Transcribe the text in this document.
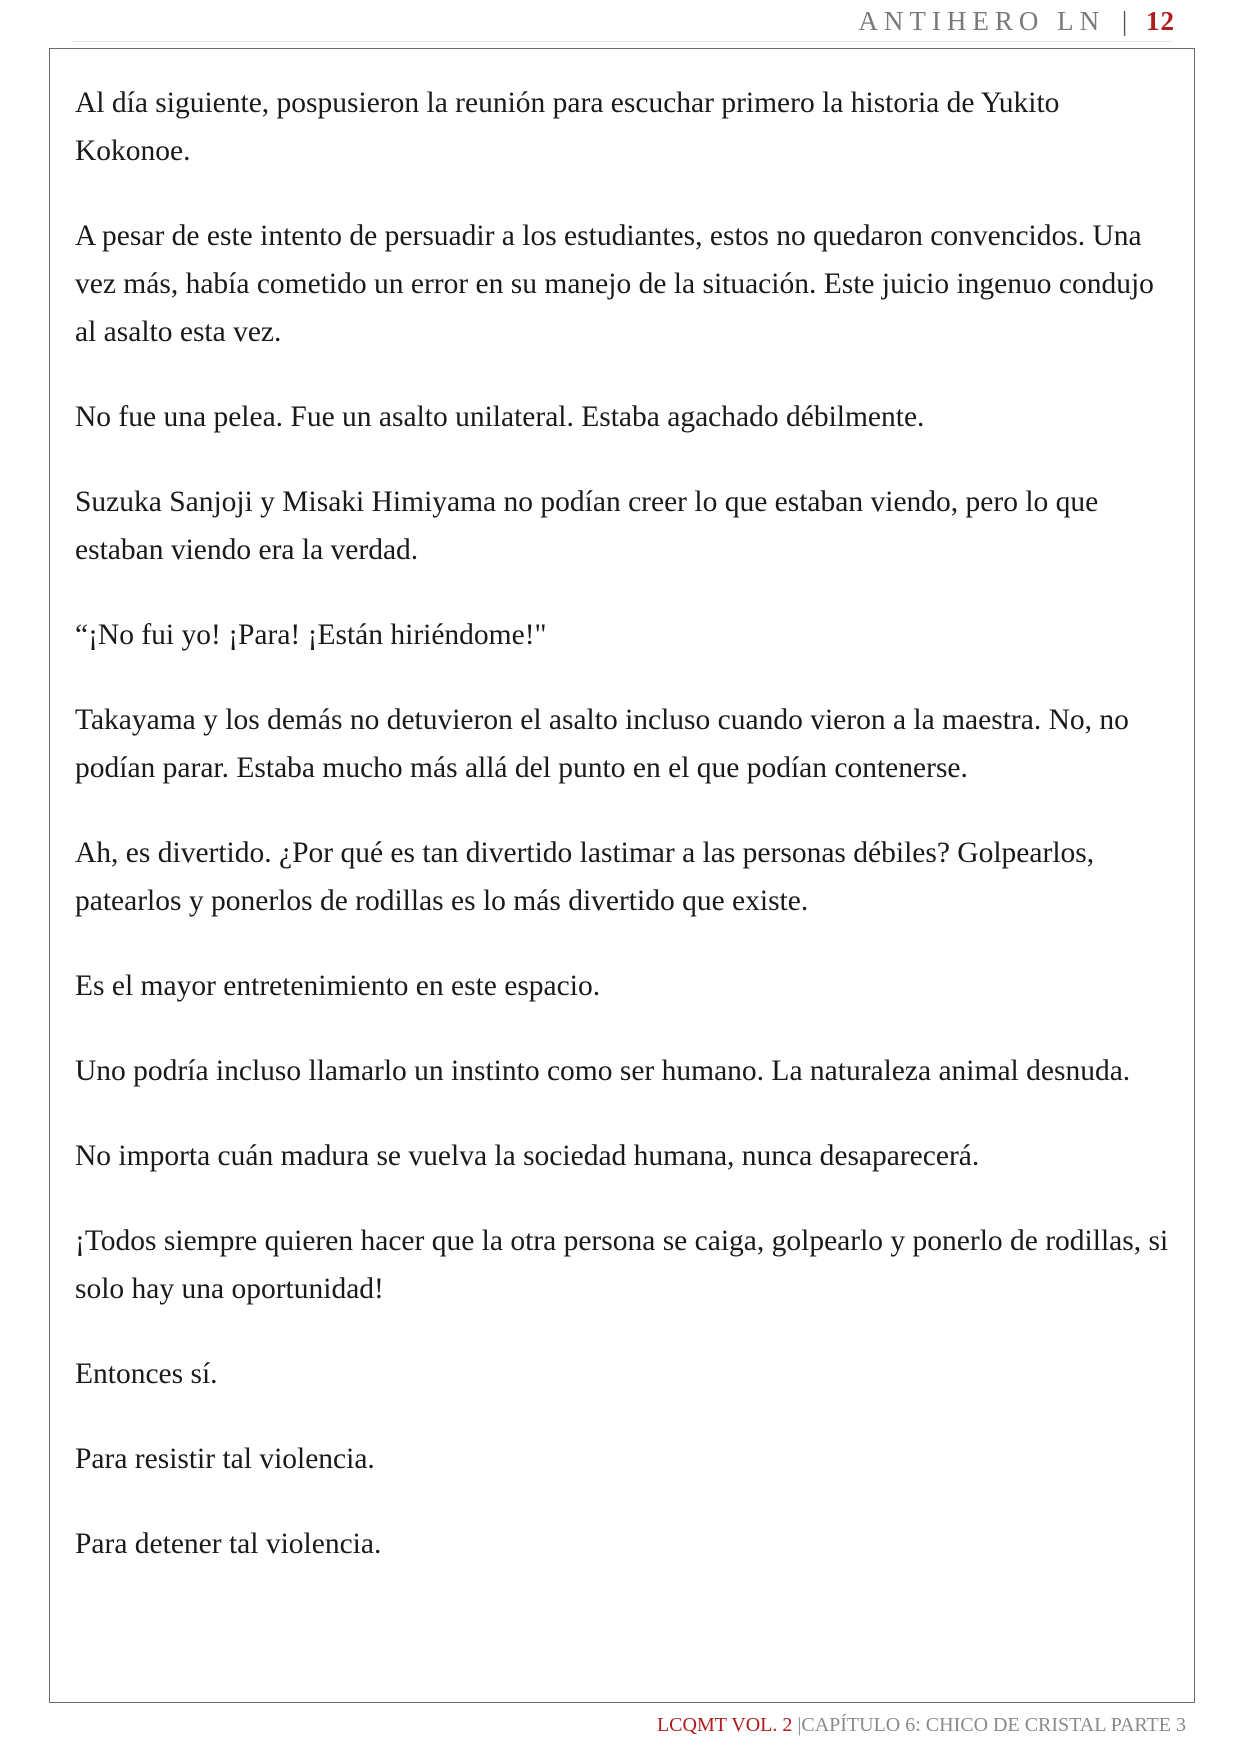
ANTIHERO LN | 12

Al día siguiente, pospusieron la reunión para escuchar primero la historia de Yukito Kokonoe.

A pesar de este intento de persuadir a los estudiantes, estos no quedaron convencidos. Una vez más, había cometido un error en su manejo de la situación. Este juicio ingenuo condujo al asalto esta vez.

No fue una pelea. Fue un asalto unilateral. Estaba agachado débilmente.

Suzuka Sanjoji y Misaki Himiyama no podían creer lo que estaban viendo, pero lo que estaban viendo era la verdad.

“¡No fui yo! ¡Para! ¡Están hiriéndome!"

Takayama y los demás no detuvieron el asalto incluso cuando vieron a la maestra. No, no podían parar. Estaba mucho más allá del punto en el que podían contenerse.

Ah, es divertido. ¿Por qué es tan divertido lastimar a las personas débiles? Golpearlos, patearlos y ponerlos de rodillas es lo más divertido que existe.

Es el mayor entretenimiento en este espacio.

Uno podría incluso llamarlo un instinto como ser humano. La naturaleza animal desnuda.

No importa cuán madura se vuelva la sociedad humana, nunca desaparecerá.

¡Todos siempre quieren hacer que la otra persona se caiga, golpearlo y ponerlo de rodillas, si solo hay una oportunidad!

Entonces sí.

Para resistir tal violencia.

Para detener tal violencia.

LCQMT VOL. 2 |CAPÍTULO 6: CHICO DE CRISTAL PARTE 3
